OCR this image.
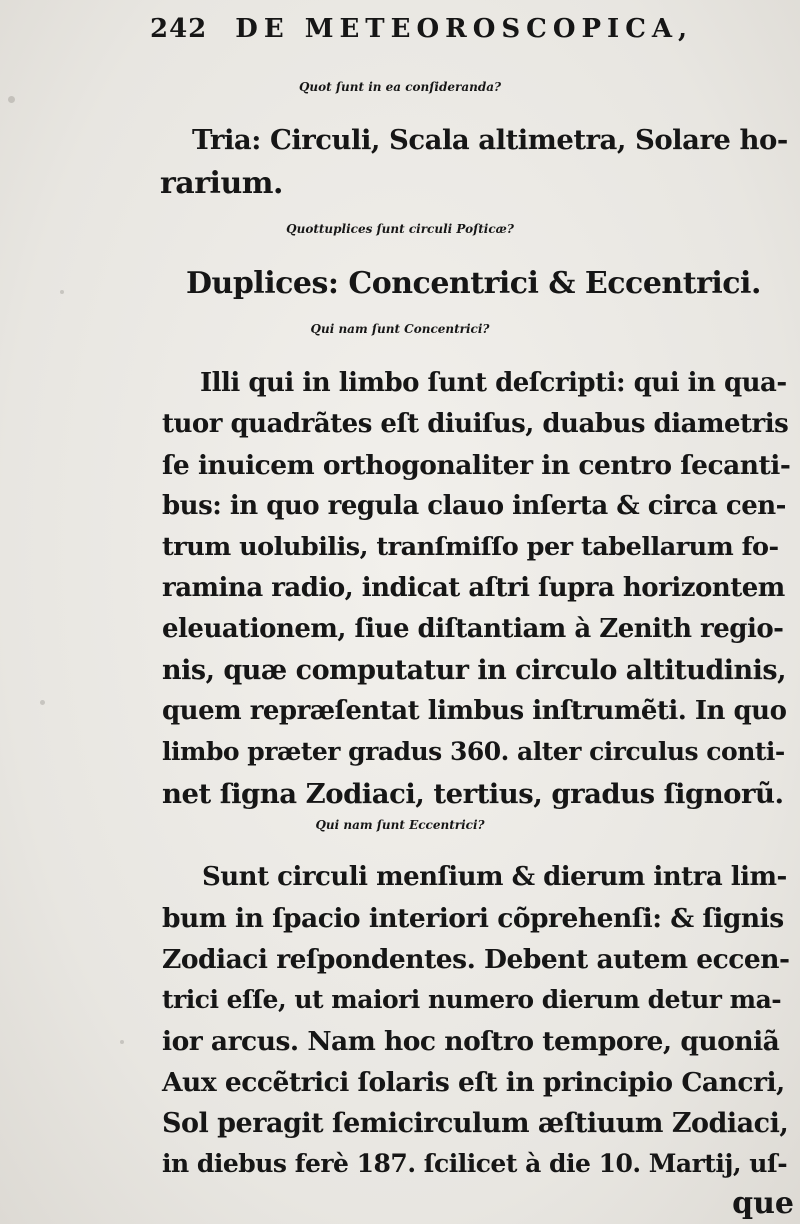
242 DE METEOROSCOPICA,
Quot ſunt in ea conſideranda?
Tria: Circuli, Scala altimetra, Solare ho-
rarium.
Quottuplices ſunt circuli Poſticæ?
Duplices: Concentrici & Eccentrici.
Qui nam ſunt Concentrici?
Illi qui in limbo ſunt deſcripti: qui in qua-
tuor quadrãtes eſt diuiſus, duabus diametris
ſe inuicem orthogonaliter in centro ſecanti-
bus: in quo regula clauo inſerta & circa cen-
trum uolubilis, tranſmiſſo per tabellarum fo-
ramina radio, indicat aſtri ſupra horizontem
eleuationem, ſiue diſtantiam à Zenith regio-
nis, quæ computatur in circulo altitudinis,
quem repræſentat limbus inſtrumẽti. In quo
limbo præter gradus 360. alter circulus conti-
net ſigna Zodiaci, tertius, gradus ſignorũ.
Qui nam ſunt Eccentrici?
Sunt circuli menſium & dierum intra lim-
bum in ſpacio interiori cõprehenſi: & ſignis
Zodiaci reſpondentes. Debent autem eccen-
trici eſſe, ut maiori numero dierum detur ma-
ior arcus. Nam hoc noſtro tempore, quoniã
Aux eccẽtrici ſolaris eſt in principio Cancri,
Sol peragit ſemicirculum æſtiuum Zodiaci,
in diebus ferè 187. ſcilicet à die 10. Martij, uſ-
que
